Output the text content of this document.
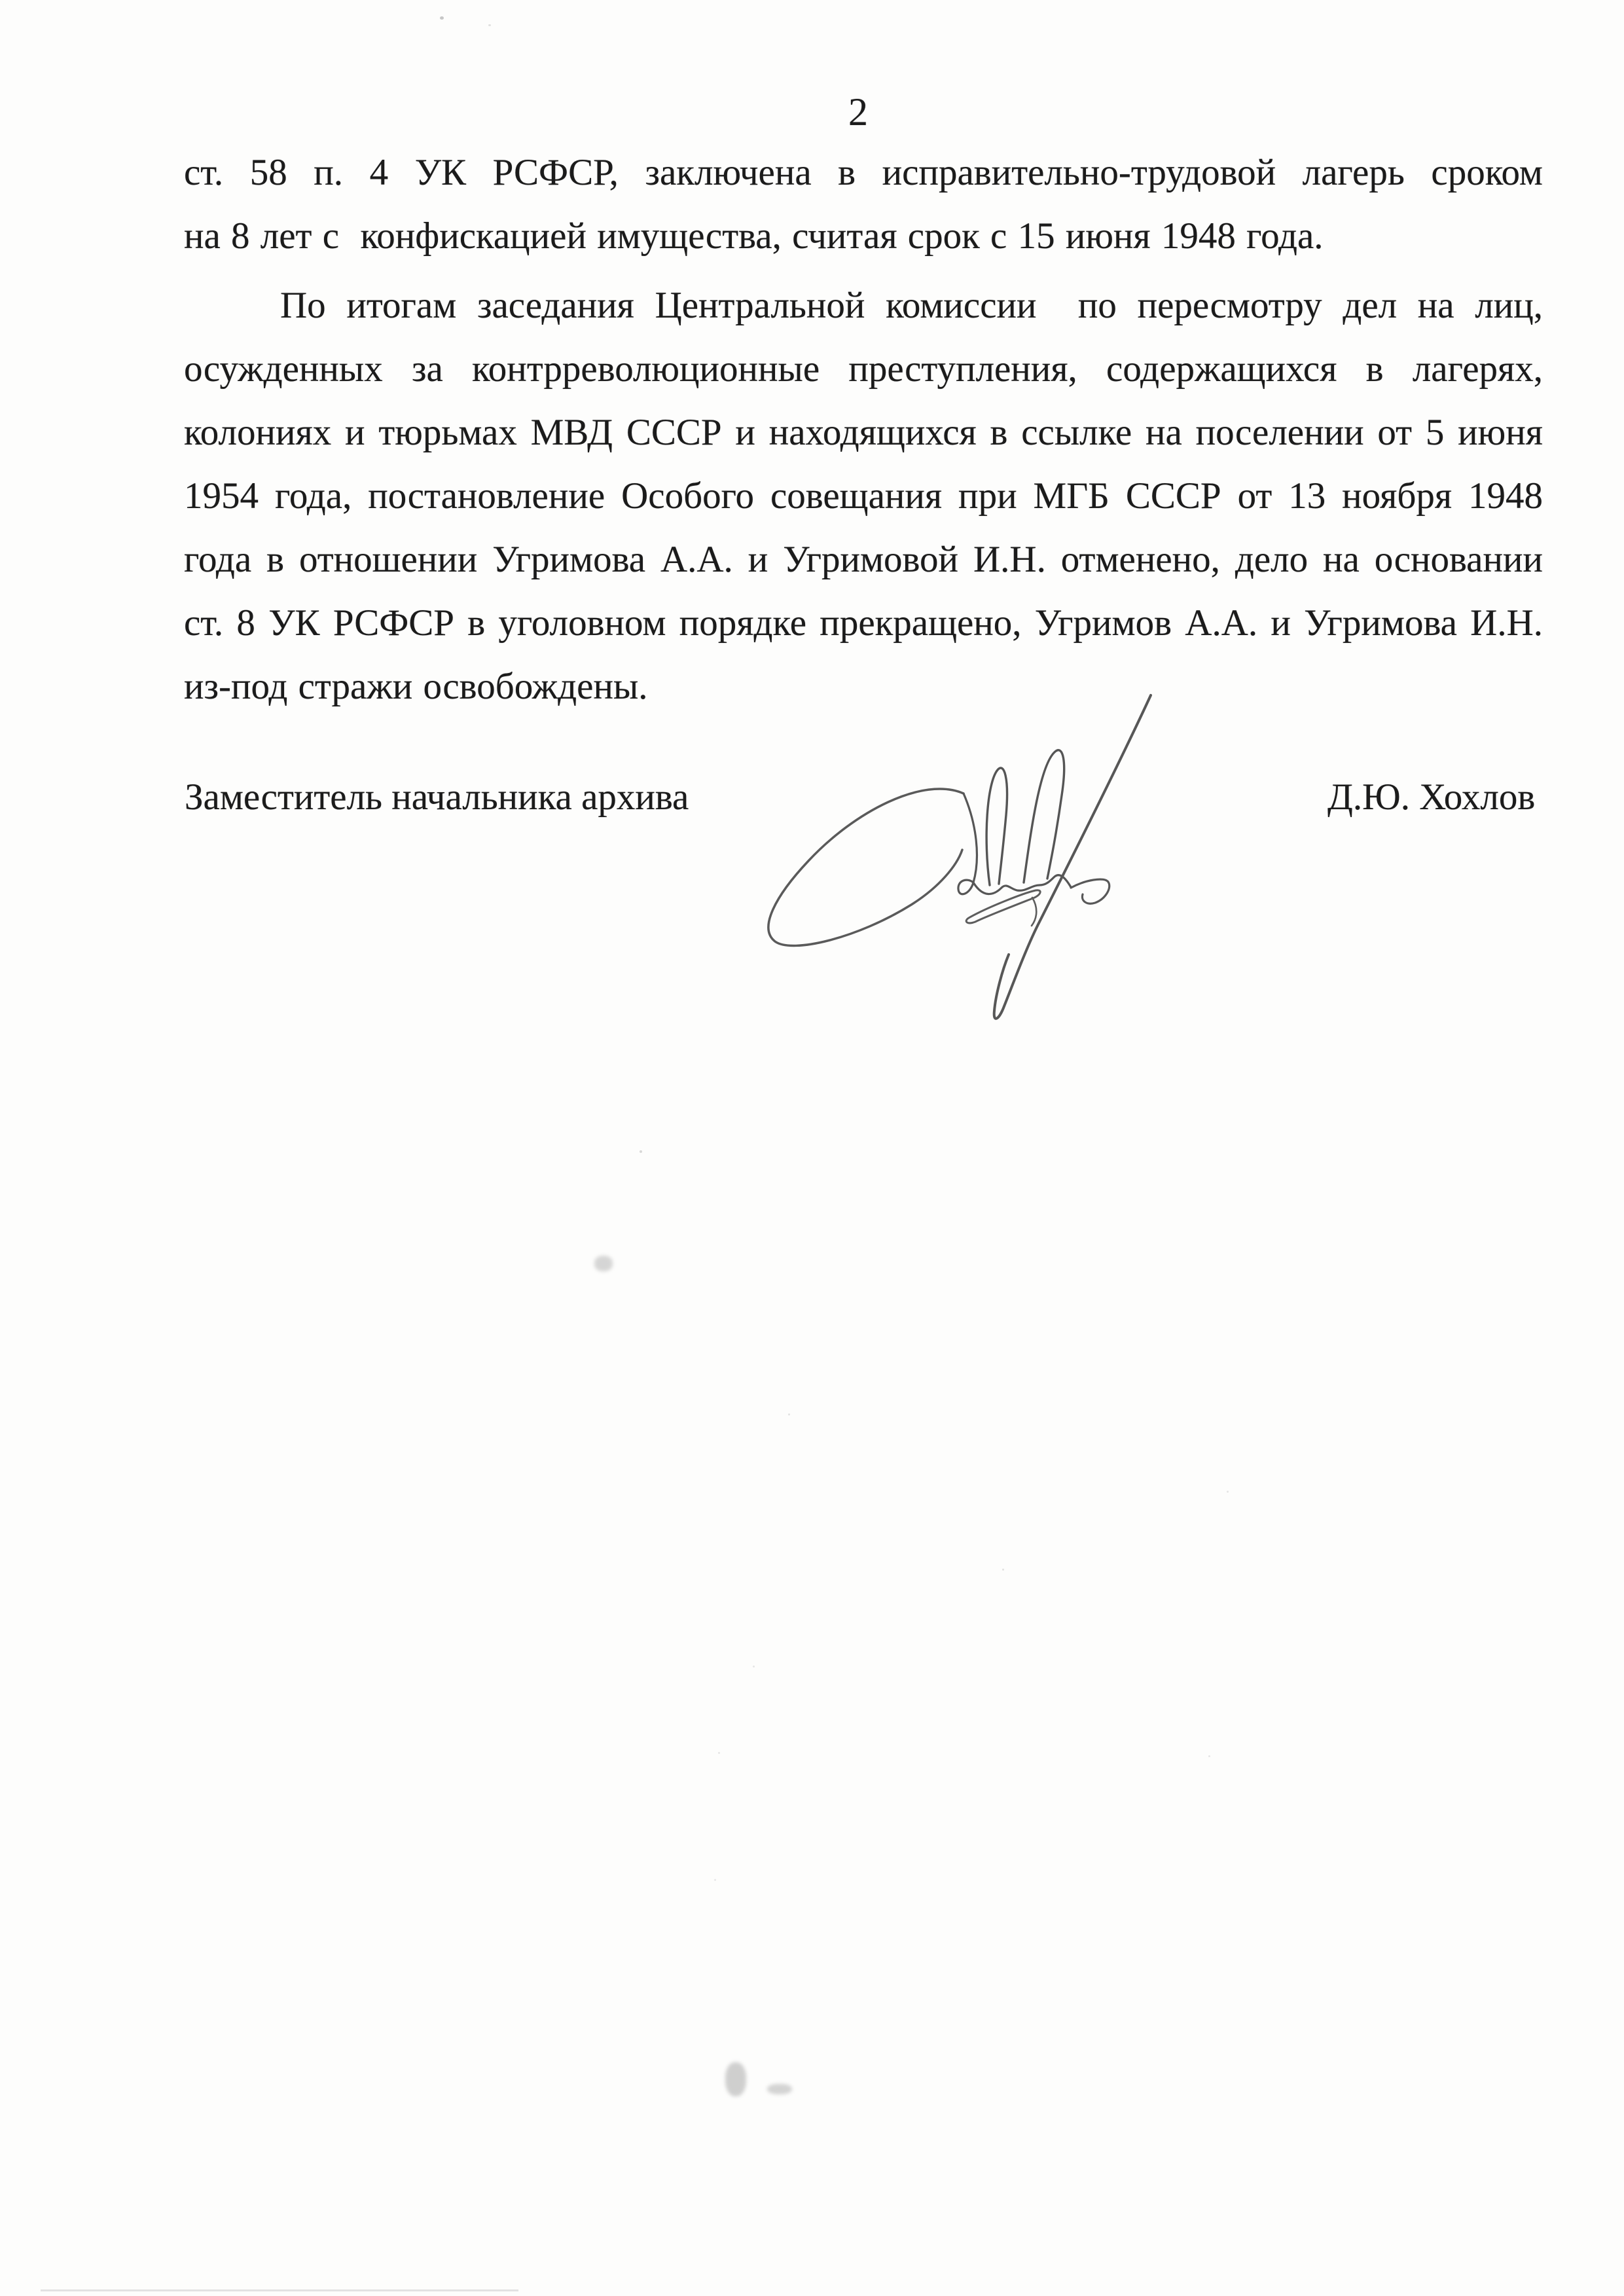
2
ст. 58 п. 4 УК РСФСР, заключена в исправительно-трудовой лагерь сроком
на 8 лет с  конфискацией имущества, считая срок с 15 июня 1948 года.
По итогам заседания Центральной комиссии  по пересмотру дел на лиц,
осужденных за контрреволюционные преступления, содержащихся в лагерях,
колониях и тюрьмах МВД СССР и находящихся в ссылке на поселении от 5 июня
1954 года, постановление Особого совещания при МГБ СССР от 13 ноября 1948
года в отношении Угримова А.А. и Угримовой И.Н. отменено, дело на основании
ст. 8 УК РСФСР в уголовном порядке прекращено, Угримов А.А. и Угримова И.Н.
из-под стражи освобождены.
Заместитель начальника архива	Д.Ю. Хохлов
